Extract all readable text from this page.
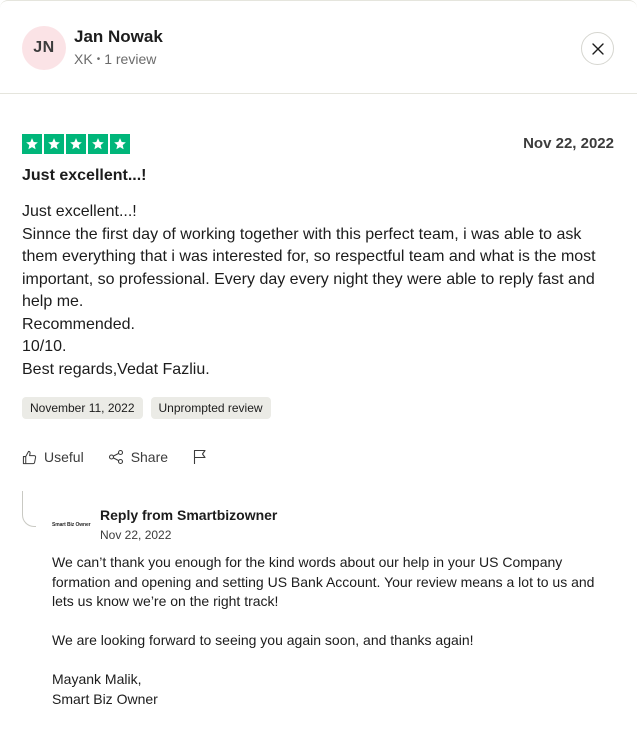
JN
Jan Nowak
XK • 1 review
Nov 22, 2022
Just excellent...!

Just excellent...!

Sinnce the first day of working together with this perfect team, i was able to ask them everything that i was interested for, so respectful team and what is the most important, so professional. Every day every night they were able to reply fast and help me.

Recommended.

10/10.

Best regards,Vedat Fazliu.

November 11, 2022	Unprompted review
Useful	Share
Smart Biz Owner
Reply from Smartbizowner
Nov 22, 2022

We can’t thank you enough for the kind words about our help in your US Company formation and opening and setting US Bank Account. Your review means a lot to us and lets us know we’re on the right track!

We are looking forward to seeing you again soon, and thanks again!

Mayank Malik,

Smart Biz Owner
